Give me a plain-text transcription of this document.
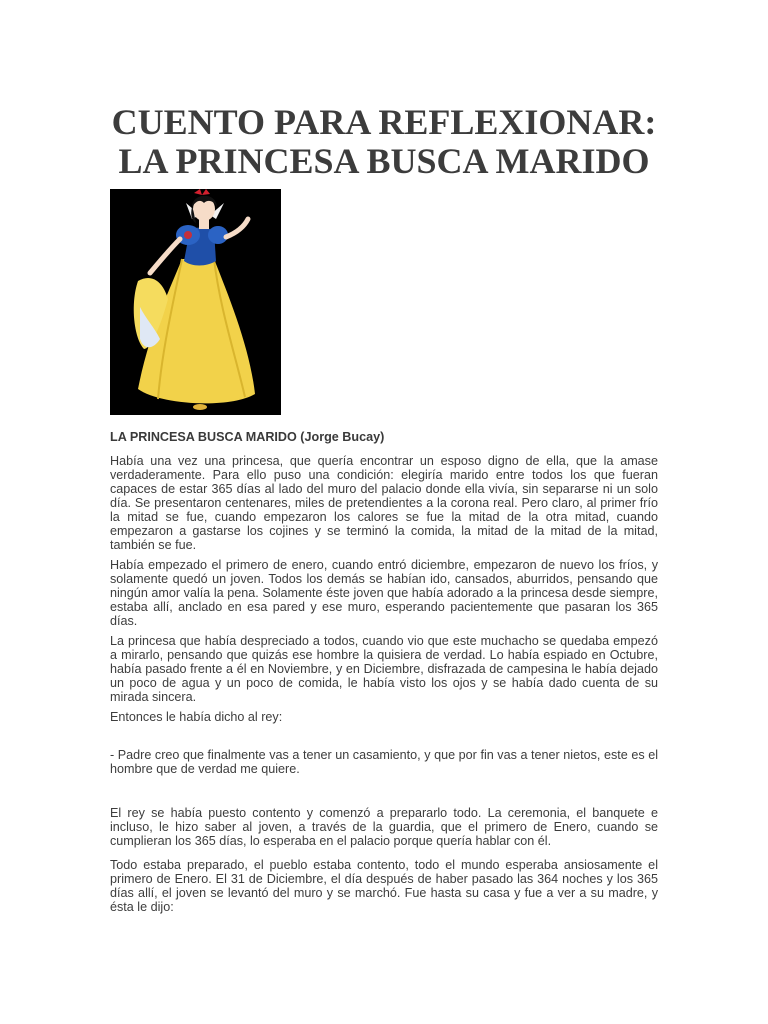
CUENTO PARA REFLEXIONAR:
LA PRINCESA BUSCA MARIDO
LA PRINCESA BUSCA MARIDO (Jorge Bucay)

Había una vez una princesa, que quería encontrar un esposo digno de ella, que la amase verdaderamente. Para ello puso una condición: elegiría marido entre todos los que fueran capaces de estar 365 días al lado del muro del palacio donde ella vivía, sin separarse ni un solo día. Se presentaron centenares, miles de pretendientes a la corona real. Pero claro, al primer frío la mitad se fue, cuando empezaron los calores se fue la mitad de la otra mitad, cuando empezaron a gastarse los cojines y se terminó la comida, la mitad de la mitad de la mitad, también se fue.

Había empezado el primero de enero, cuando entró diciembre, empezaron de nuevo los fríos, y solamente quedó un joven. Todos los demás se habían ido, cansados, aburridos, pensando que ningún amor valía la pena. Solamente éste joven que había adorado a la princesa desde siempre, estaba allí, anclado en esa pared y ese muro, esperando pacientemente que pasaran los 365 días.

La princesa que había despreciado a todos, cuando vio que este muchacho se quedaba empezó a mirarlo, pensando que quizás ese hombre la quisiera de verdad. Lo había espiado en Octubre, había pasado frente a él en Noviembre, y en Diciembre, disfrazada de campesina le había dejado un poco de agua y un poco de comida, le había visto los ojos y se había dado cuenta de su mirada sincera.

Entonces le había dicho al rey:

- Padre creo que finalmente vas a tener un casamiento, y que por fin vas a tener nietos, este es el hombre que de verdad me quiere.

El rey se había puesto contento y comenzó a prepararlo todo. La ceremonia, el banquete e incluso, le hizo saber al joven, a través de la guardia, que el primero de Enero, cuando se cumplieran los 365 días, lo esperaba en el palacio porque quería hablar con él.

Todo estaba preparado, el pueblo estaba contento, todo el mundo esperaba ansiosamente el primero de Enero. El 31 de Diciembre, el día después de haber pasado las 364 noches y los 365 días allí, el joven se levantó del muro y se marchó. Fue hasta su casa y fue a ver a su madre, y ésta le dijo:
